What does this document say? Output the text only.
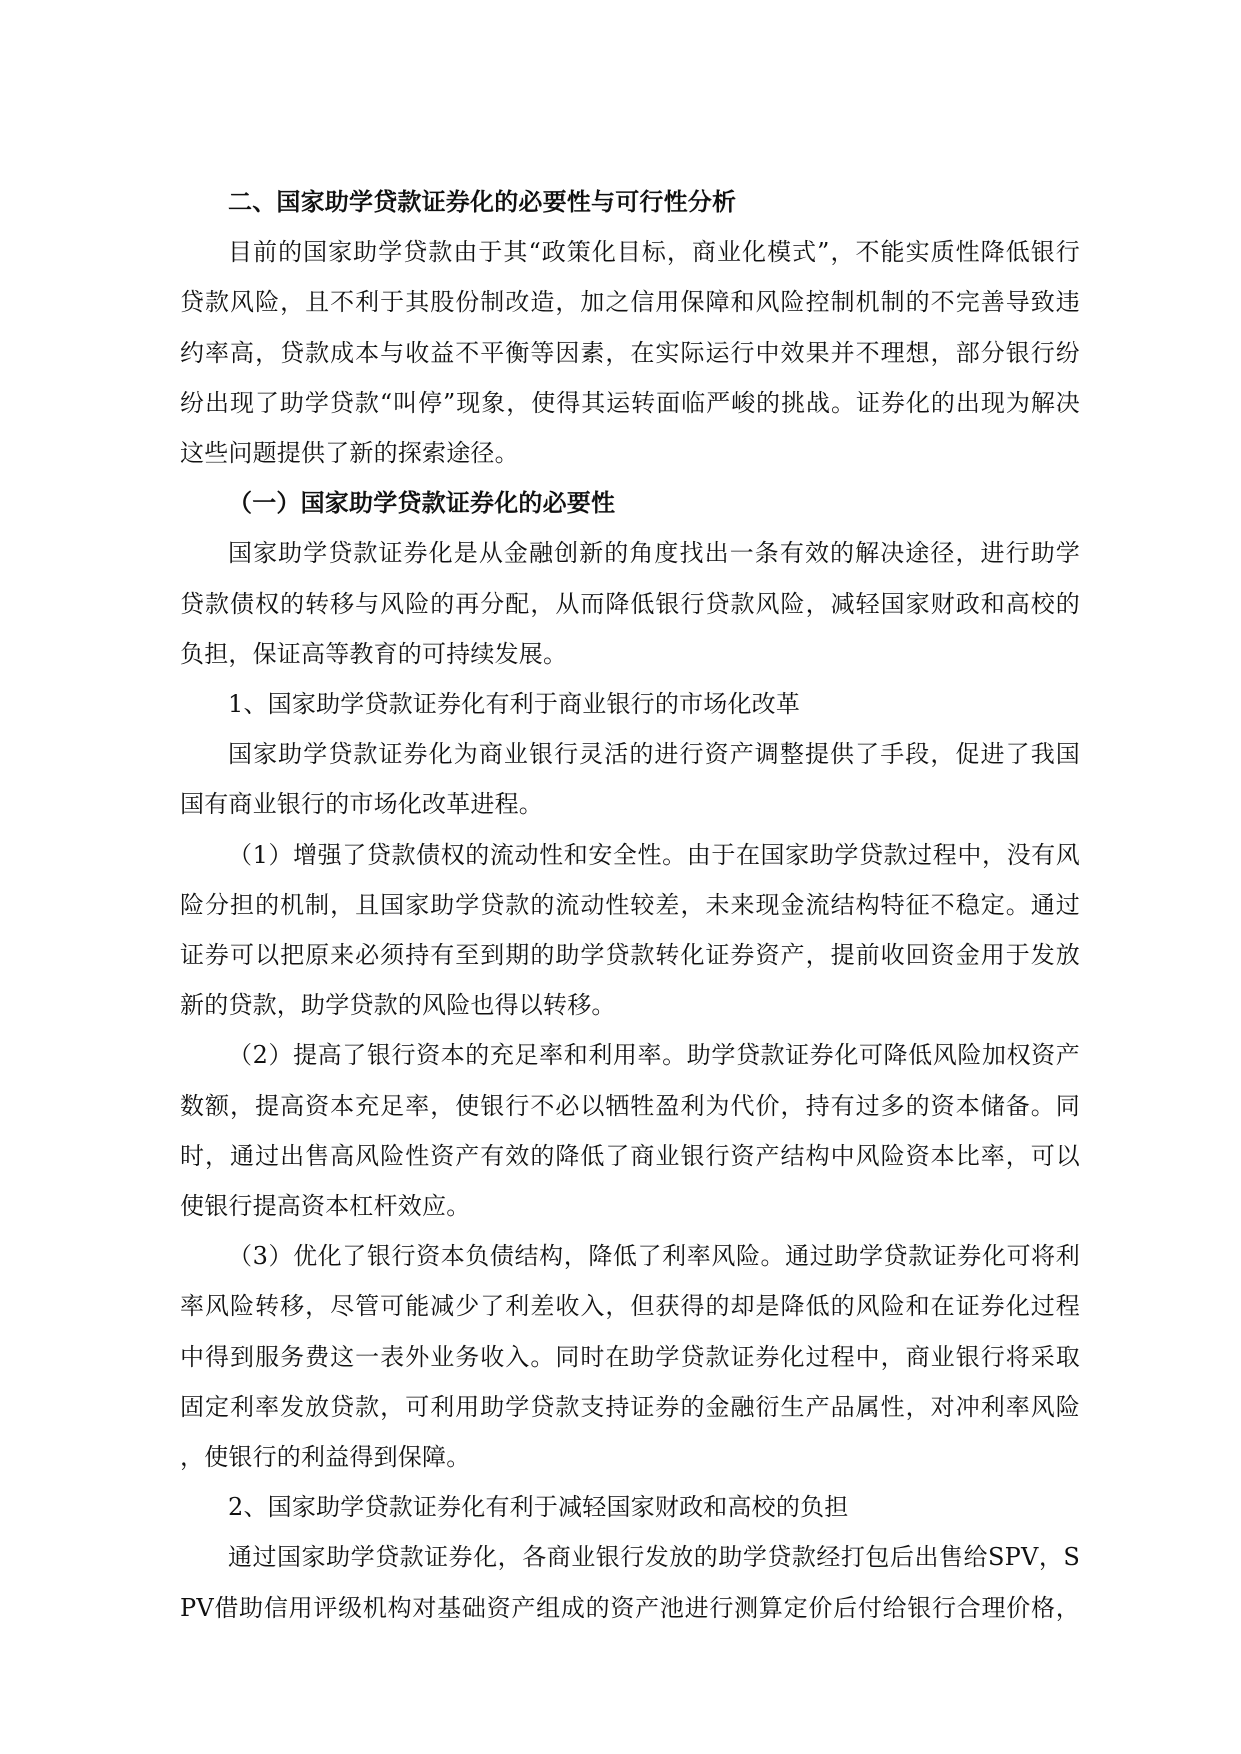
二、国家助学贷款证券化的必要性与可行性分析
目前的国家助学贷款由于其“政策化目标，商业化模式”，不能实质性降低银行
贷款风险，且不利于其股份制改造，加之信用保障和风险控制机制的不完善导致违
约率高，贷款成本与收益不平衡等因素，在实际运行中效果并不理想，部分银行纷
纷出现了助学贷款“叫停”现象，使得其运转面临严峻的挑战。证券化的出现为解决
这些问题提供了新的探索途径。
（一）国家助学贷款证券化的必要性
国家助学贷款证券化是从金融创新的角度找出一条有效的解决途径，进行助学
贷款债权的转移与风险的再分配，从而降低银行贷款风险，减轻国家财政和高校的
负担，保证高等教育的可持续发展。
1、国家助学贷款证券化有利于商业银行的市场化改革
国家助学贷款证券化为商业银行灵活的进行资产调整提供了手段，促进了我国
国有商业银行的市场化改革进程。
（1）增强了贷款债权的流动性和安全性。由于在国家助学贷款过程中，没有风
险分担的机制，且国家助学贷款的流动性较差，未来现金流结构特征不稳定。通过
证券可以把原来必须持有至到期的助学贷款转化证券资产，提前收回资金用于发放
新的贷款，助学贷款的风险也得以转移。
（2）提高了银行资本的充足率和利用率。助学贷款证券化可降低风险加权资产
数额，提高资本充足率，使银行不必以牺牲盈利为代价，持有过多的资本储备。同
时，通过出售高风险性资产有效的降低了商业银行资产结构中风险资本比率，可以
使银行提高资本杠杆效应。
（3）优化了银行资本负债结构，降低了利率风险。通过助学贷款证券化可将利
率风险转移，尽管可能减少了利差收入，但获得的却是降低的风险和在证券化过程
中得到服务费这一表外业务收入。同时在助学贷款证券化过程中，商业银行将采取
固定利率发放贷款，可利用助学贷款支持证券的金融衍生产品属性，对冲利率风险
，使银行的利益得到保障。
2、国家助学贷款证券化有利于减轻国家财政和高校的负担
通过国家助学贷款证券化，各商业银行发放的助学贷款经打包后出售给SPV，S
PV借助信用评级机构对基础资产组成的资产池进行测算定价后付给银行合理价格，
